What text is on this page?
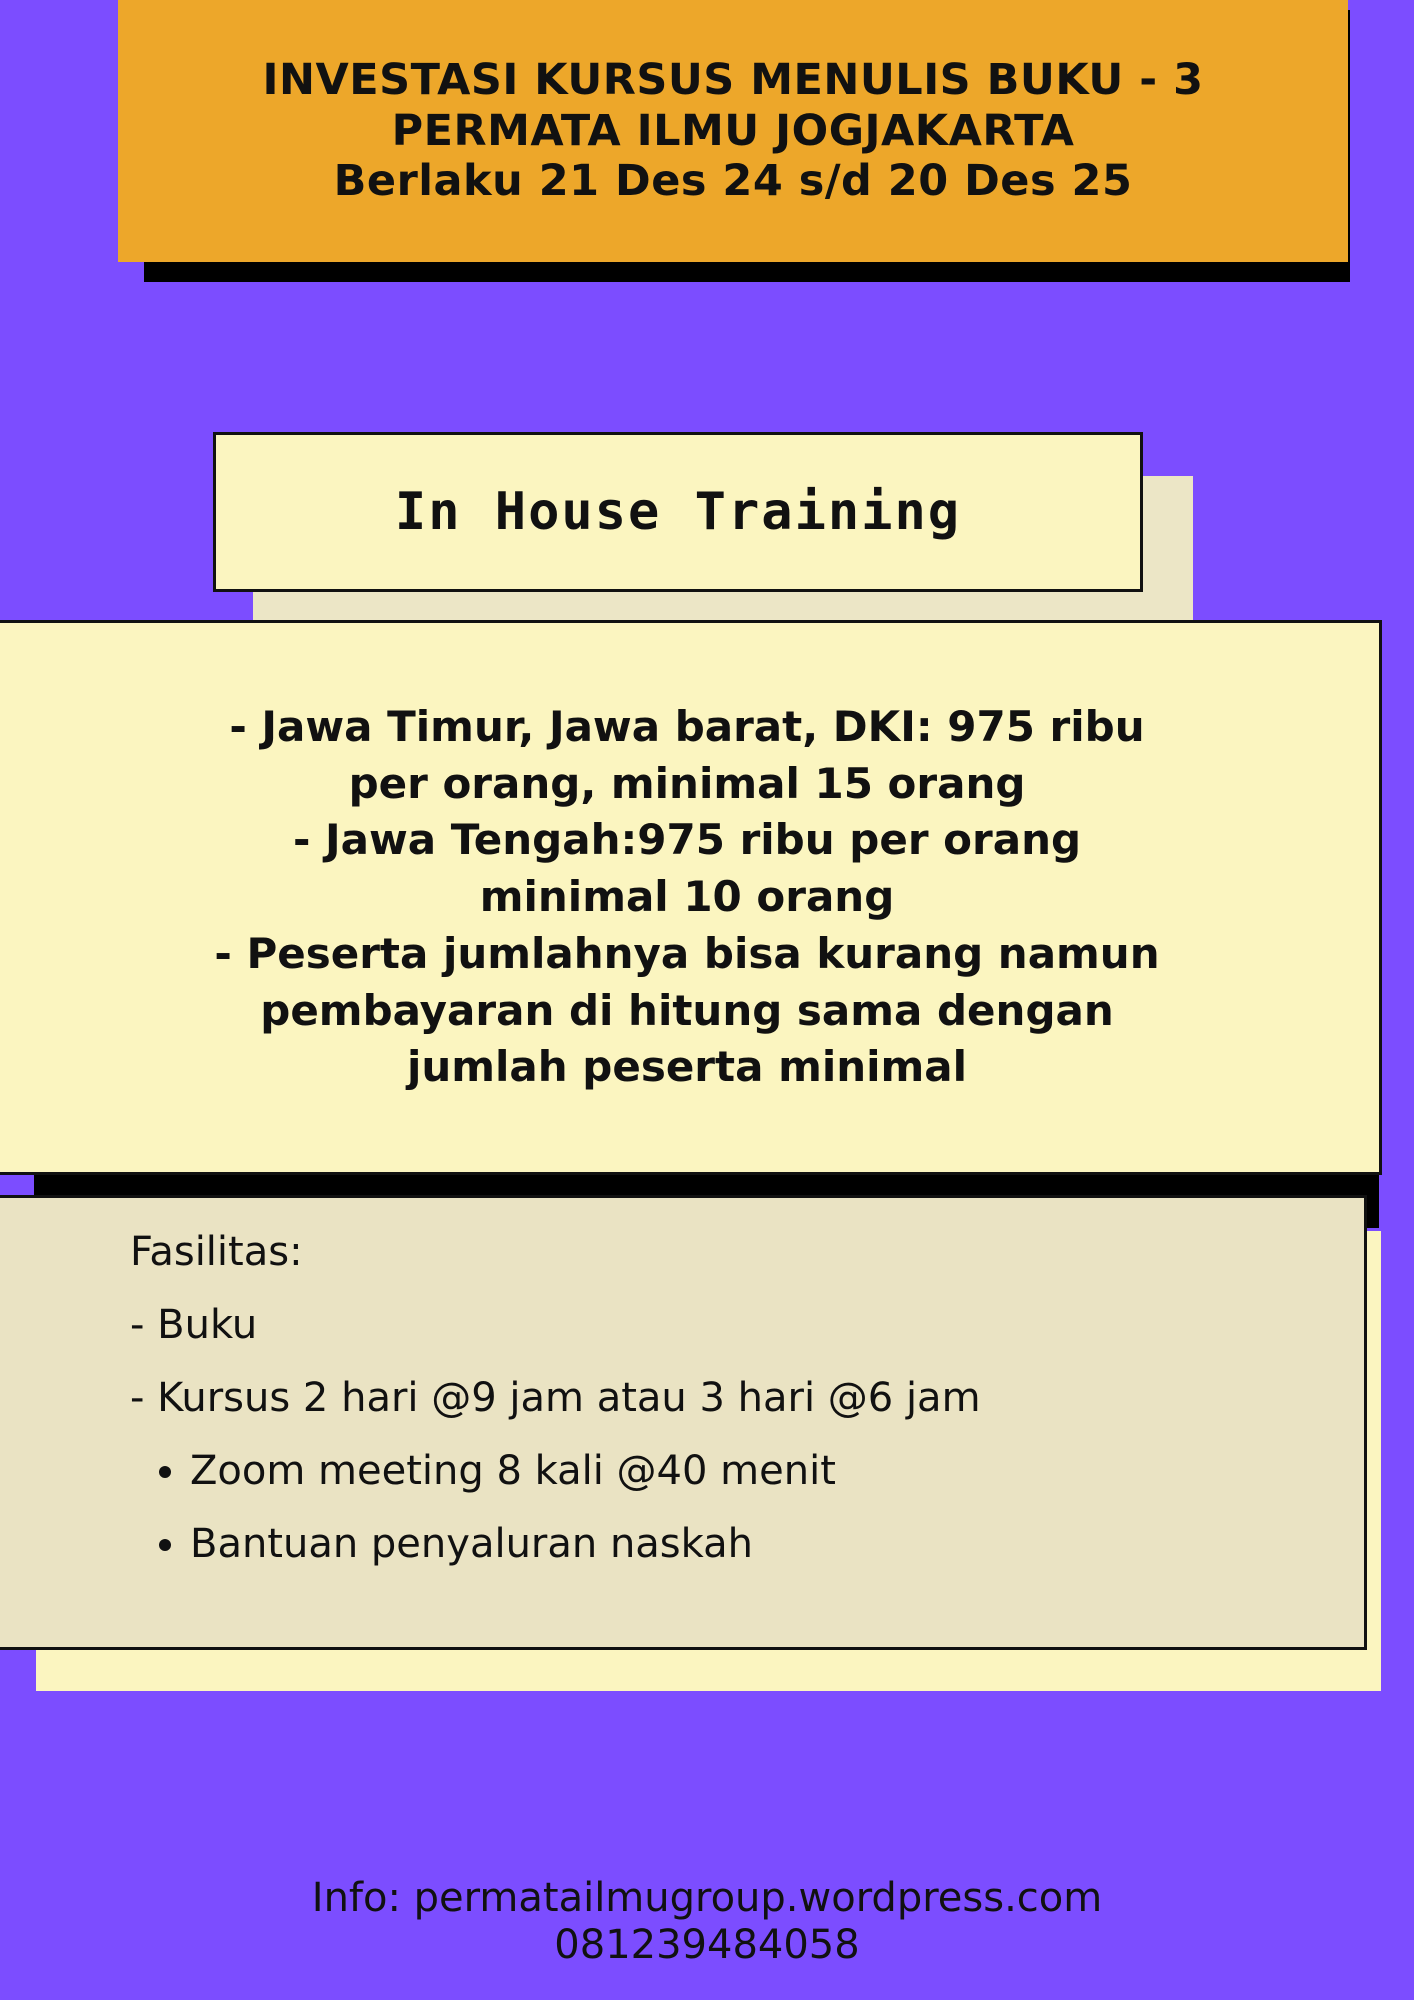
INVESTASI KURSUS MENULIS BUKU - 3
PERMATA ILMU JOGJAKARTA
Berlaku 21 Des 24 s/d 20 Des 25
In House Training
- Jawa Timur, Jawa barat, DKI: 975 ribu
per orang, minimal 15 orang
- Jawa Tengah:975 ribu per orang
minimal 10 orang
- Peserta jumlahnya bisa kurang namun
pembayaran di hitung sama dengan
jumlah peserta minimal
Fasilitas:
- Buku
- Kursus 2 hari @9 jam atau 3 hari @6 jam
• Zoom meeting 8 kali @40 menit
• Bantuan penyaluran naskah
Info: permatailmugroup.wordpress.com
081239484058
